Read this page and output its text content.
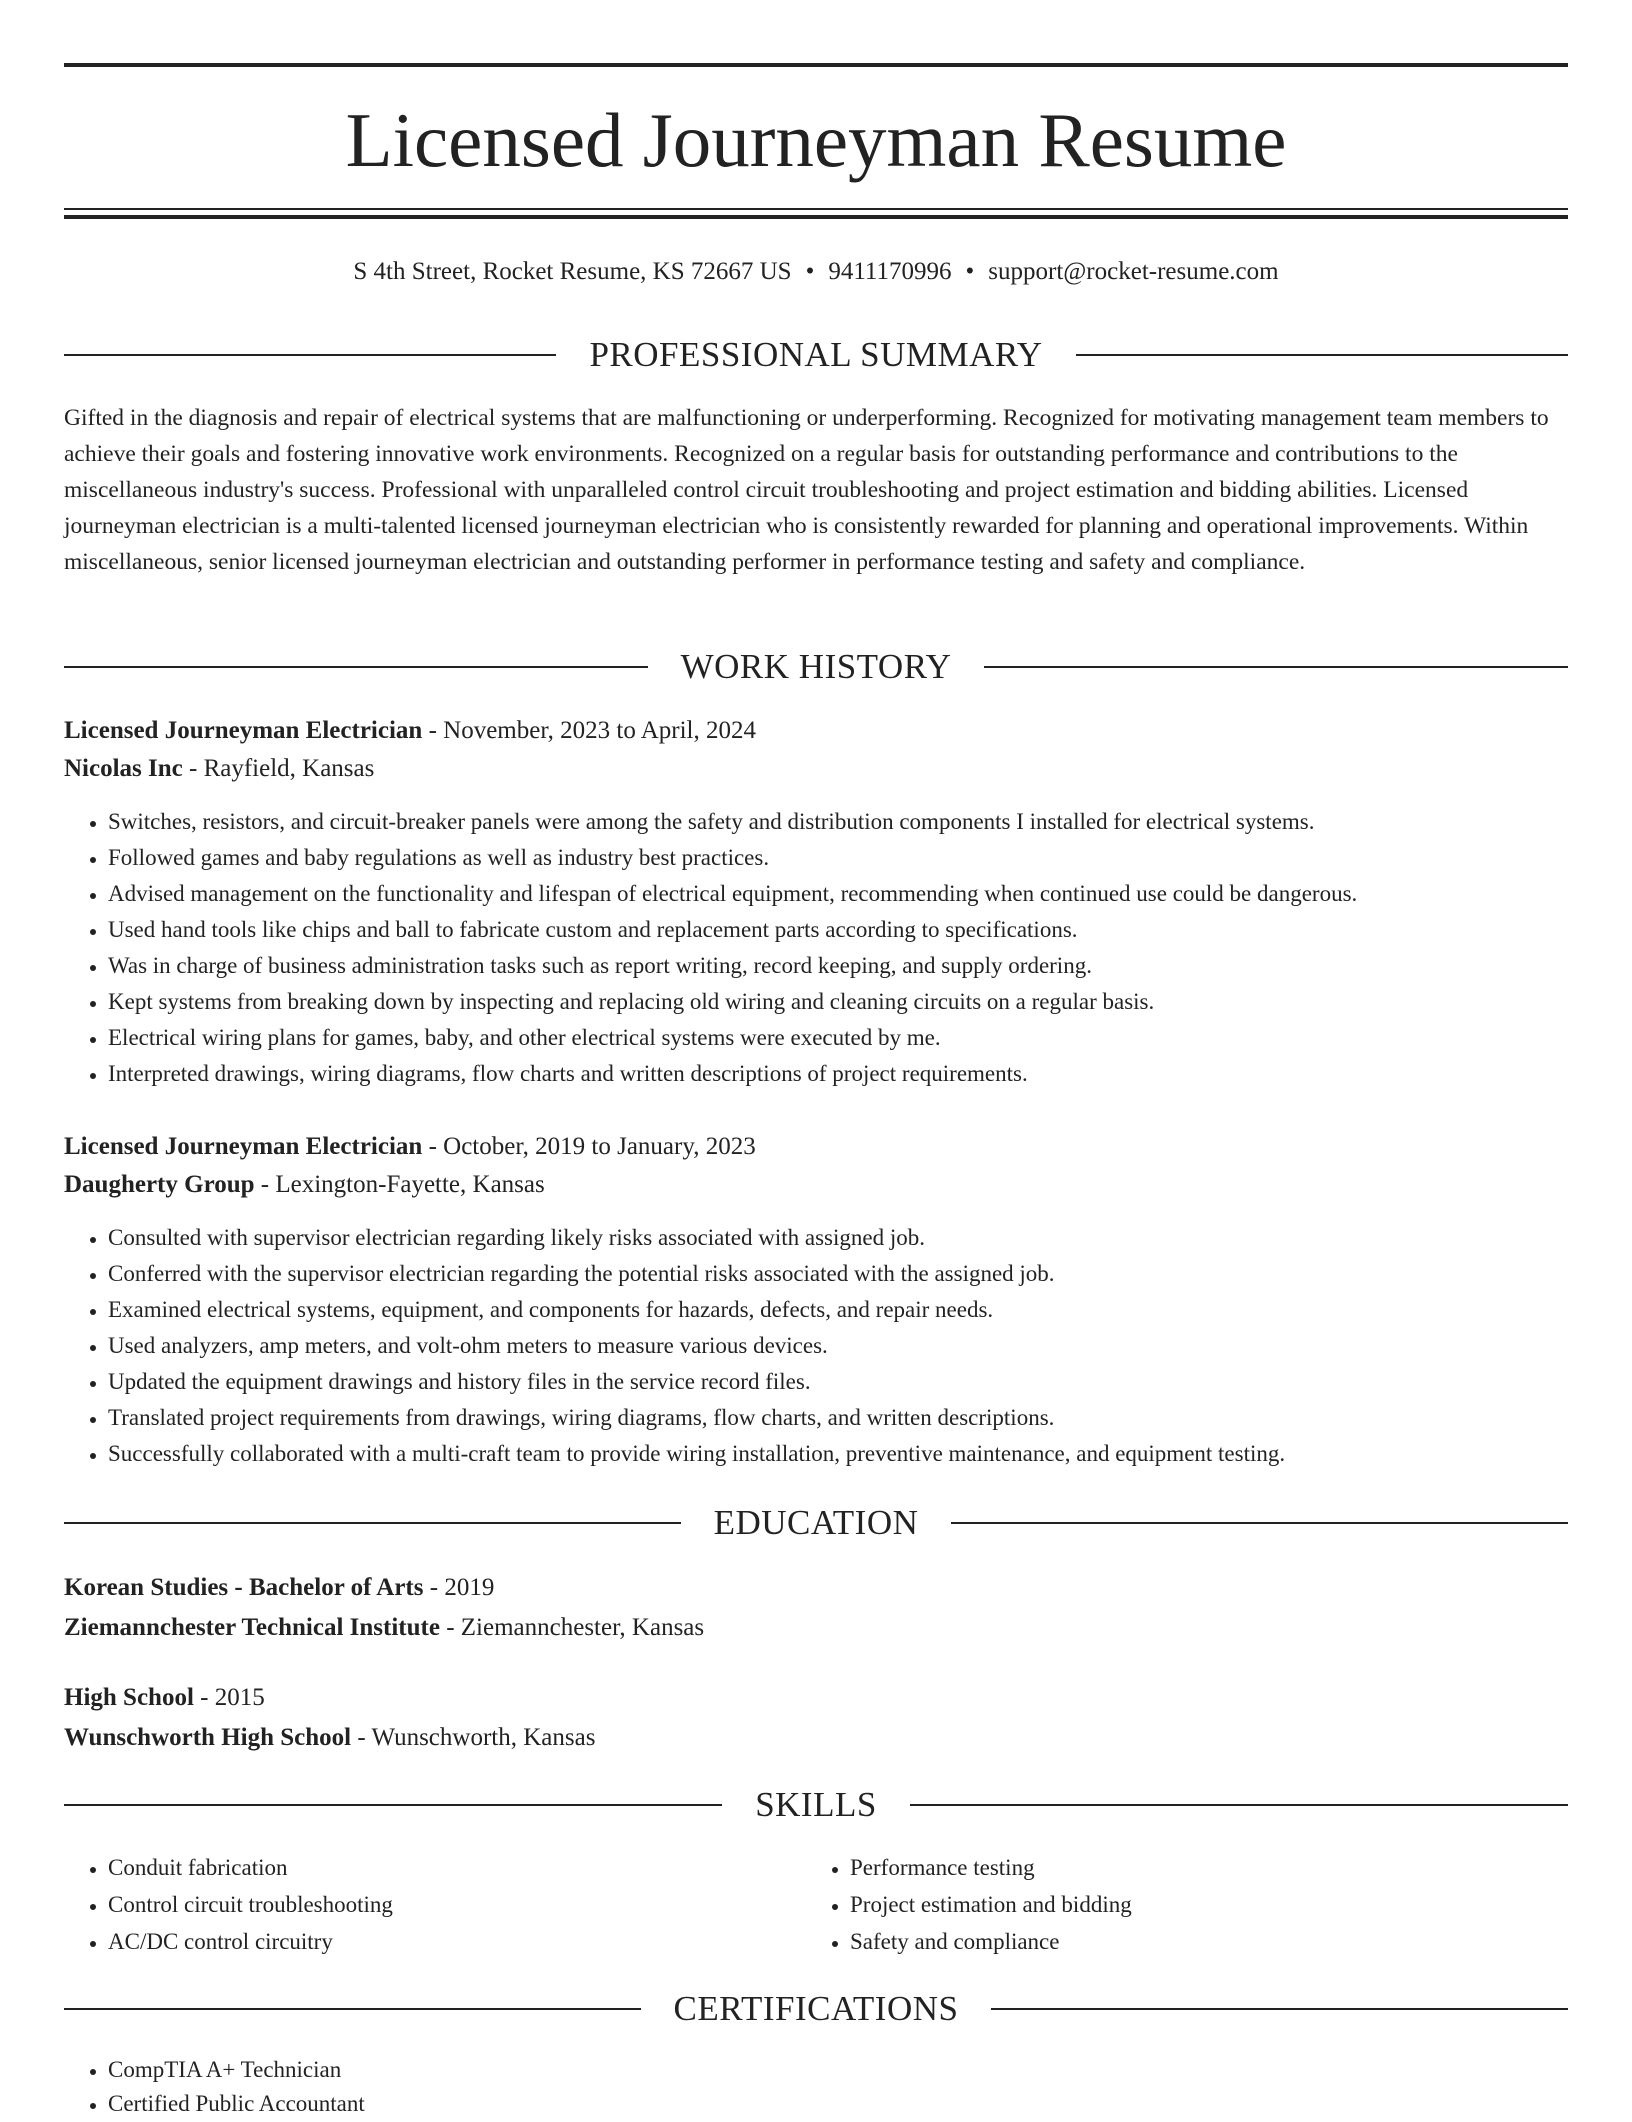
Licensed Journeyman Resume
S 4th Street, Rocket Resume, KS 72667 US • 9411170996 • support@rocket-resume.com
PROFESSIONAL SUMMARY
Gifted in the diagnosis and repair of electrical systems that are malfunctioning or underperforming. Recognized for motivating management team members to achieve their goals and fostering innovative work environments. Recognized on a regular basis for outstanding performance and contributions to the miscellaneous industry's success. Professional with unparalleled control circuit troubleshooting and project estimation and bidding abilities. Licensed journeyman electrician is a multi-talented licensed journeyman electrician who is consistently rewarded for planning and operational improvements. Within miscellaneous, senior licensed journeyman electrician and outstanding performer in performance testing and safety and compliance.
WORK HISTORY
Licensed Journeyman Electrician - November, 2023 to April, 2024
Nicolas Inc - Rayfield, Kansas
• Switches, resistors, and circuit-breaker panels were among the safety and distribution components I installed for electrical systems.
• Followed games and baby regulations as well as industry best practices.
• Advised management on the functionality and lifespan of electrical equipment, recommending when continued use could be dangerous.
• Used hand tools like chips and ball to fabricate custom and replacement parts according to specifications.
• Was in charge of business administration tasks such as report writing, record keeping, and supply ordering.
• Kept systems from breaking down by inspecting and replacing old wiring and cleaning circuits on a regular basis.
• Electrical wiring plans for games, baby, and other electrical systems were executed by me.
• Interpreted drawings, wiring diagrams, flow charts and written descriptions of project requirements.
Licensed Journeyman Electrician - October, 2019 to January, 2023
Daugherty Group - Lexington-Fayette, Kansas
• Consulted with supervisor electrician regarding likely risks associated with assigned job.
• Conferred with the supervisor electrician regarding the potential risks associated with the assigned job.
• Examined electrical systems, equipment, and components for hazards, defects, and repair needs.
• Used analyzers, amp meters, and volt-ohm meters to measure various devices.
• Updated the equipment drawings and history files in the service record files.
• Translated project requirements from drawings, wiring diagrams, flow charts, and written descriptions.
• Successfully collaborated with a multi-craft team to provide wiring installation, preventive maintenance, and equipment testing.
EDUCATION
Korean Studies - Bachelor of Arts - 2019
Ziemannchester Technical Institute - Ziemannchester, Kansas
High School - 2015
Wunschworth High School - Wunschworth, Kansas
SKILLS
• Conduit fabrication
• Control circuit troubleshooting
• AC/DC control circuitry
• Performance testing
• Project estimation and bidding
• Safety and compliance
CERTIFICATIONS
• CompTIA A+ Technician
• Certified Public Accountant
